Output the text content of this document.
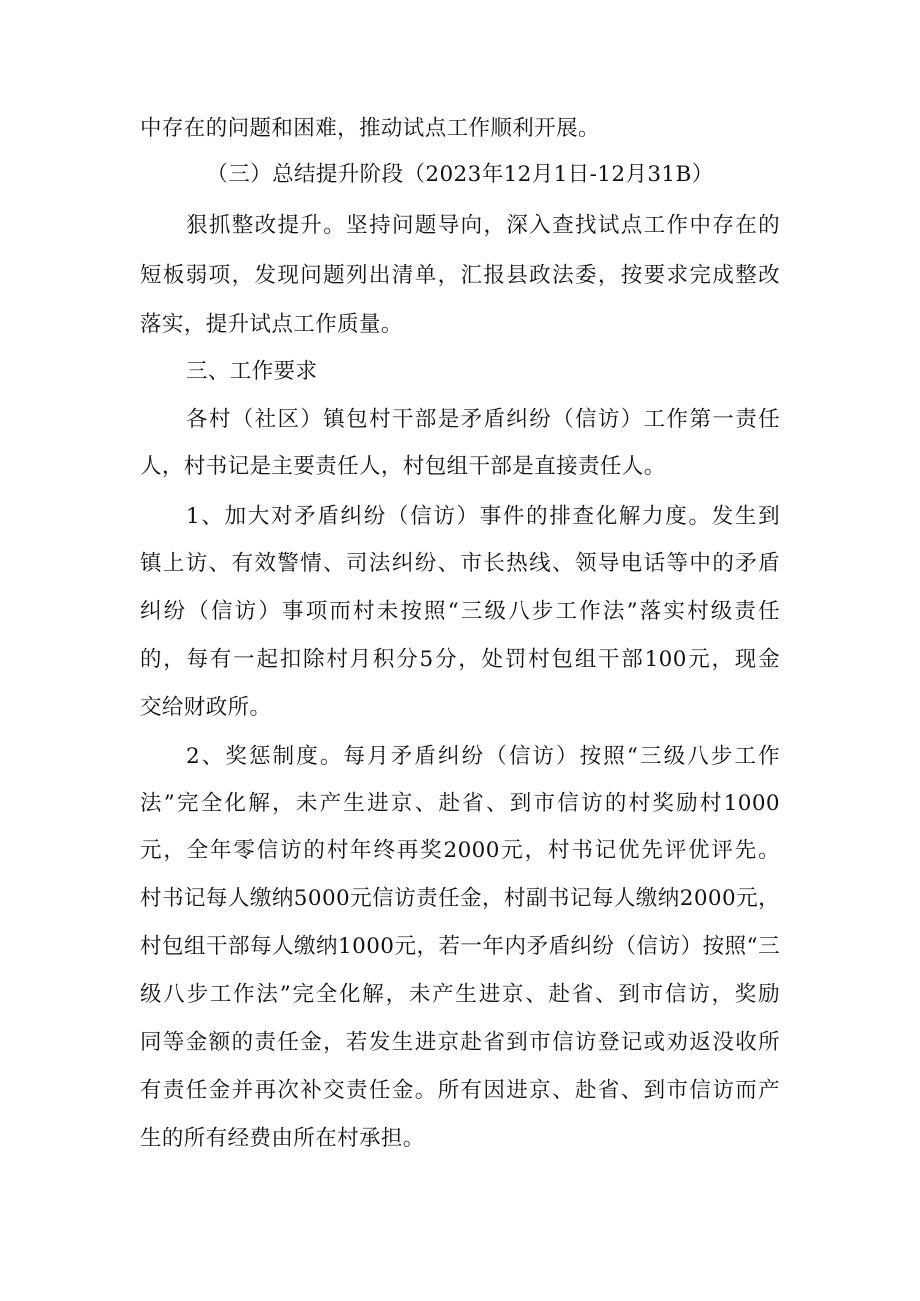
中存在的问题和困难，推动试点工作顺利开展。
（三）总结提升阶段（2023年12月1日-12月31B）
狠抓整改提升。坚持问题导向，深入查找试点工作中存在的
短板弱项，发现问题列出清单，汇报县政法委，按要求完成整改
落实，提升试点工作质量。
三、工作要求
各村（社区）镇包村干部是矛盾纠纷（信访）工作第一责任
人，村书记是主要责任人，村包组干部是直接责任人。
1、加大对矛盾纠纷（信访）事件的排查化解力度。发生到
镇上访、有效警情、司法纠纷、市长热线、领导电话等中的矛盾
纠纷（信访）事项而村未按照“三级八步工作法”落实村级责任
的，每有一起扣除村月积分5分，处罚村包组干部100元，现金
交给财政所。
2、奖惩制度。每月矛盾纠纷（信访）按照“三级八步工作
法”完全化解，未产生进京、赴省、到市信访的村奖励村1000
元，全年零信访的村年终再奖2000元，村书记优先评优评先。
村书记每人缴纳5000元信访责任金，村副书记每人缴纳2000元，
村包组干部每人缴纳1000元，若一年内矛盾纠纷（信访）按照“三
级八步工作法”完全化解，未产生进京、赴省、到市信访，奖励
同等金额的责任金，若发生进京赴省到市信访登记或劝返没收所
有责任金并再次补交责任金。所有因进京、赴省、到市信访而产
生的所有经费由所在村承担。
